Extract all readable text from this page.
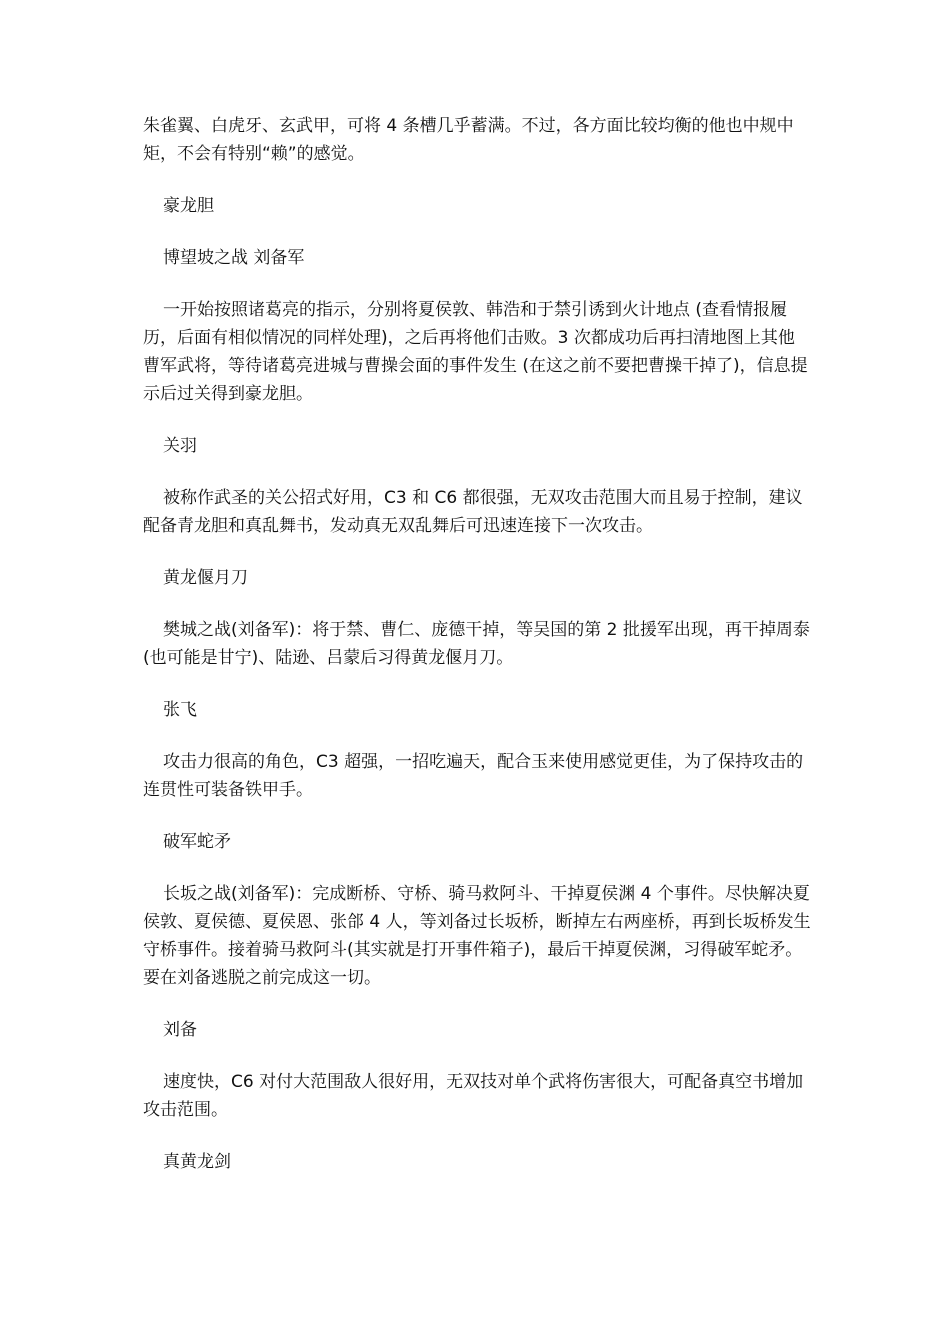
朱雀翼、白虎牙、玄武甲，可将 4 条槽几乎蓄满。不过，各方面比较均衡的他也中规中矩，不会有特别“赖”的感觉。

豪龙胆

博望坡之战 刘备军

一开始按照诸葛亮的指示，分别将夏侯敦、韩浩和于禁引诱到火计地点 (查看情报履历，后面有相似情况的同样处理)，之后再将他们击败。3 次都成功后再扫清地图上其他曹军武将，等待诸葛亮进城与曹操会面的事件发生 (在这之前不要把曹操干掉了)，信息提示后过关得到豪龙胆。

关羽

被称作武圣的关公招式好用，C3 和 C6 都很强，无双攻击范围大而且易于控制，建议配备青龙胆和真乱舞书，发动真无双乱舞后可迅速连接下一次攻击。

黄龙偃月刀

樊城之战(刘备军)：将于禁、曹仁、庞德干掉，等吴国的第 2 批援军出现，再干掉周泰(也可能是甘宁)、陆逊、吕蒙后习得黄龙偃月刀。

张飞

攻击力很高的角色，C3 超强，一招吃遍天，配合玉来使用感觉更佳，为了保持攻击的连贯性可装备铁甲手。

破军蛇矛

长坂之战(刘备军)：完成断桥、守桥、骑马救阿斗、干掉夏侯渊 4 个事件。尽快解决夏侯敦、夏侯德、夏侯恩、张郃 4 人，等刘备过长坂桥，断掉左右两座桥，再到长坂桥发生守桥事件。接着骑马救阿斗(其实就是打开事件箱子)，最后干掉夏侯渊，习得破军蛇矛。要在刘备逃脱之前完成这一切。

刘备

速度快，C6 对付大范围敌人很好用，无双技对单个武将伤害很大，可配备真空书增加攻击范围。

真黄龙剑
